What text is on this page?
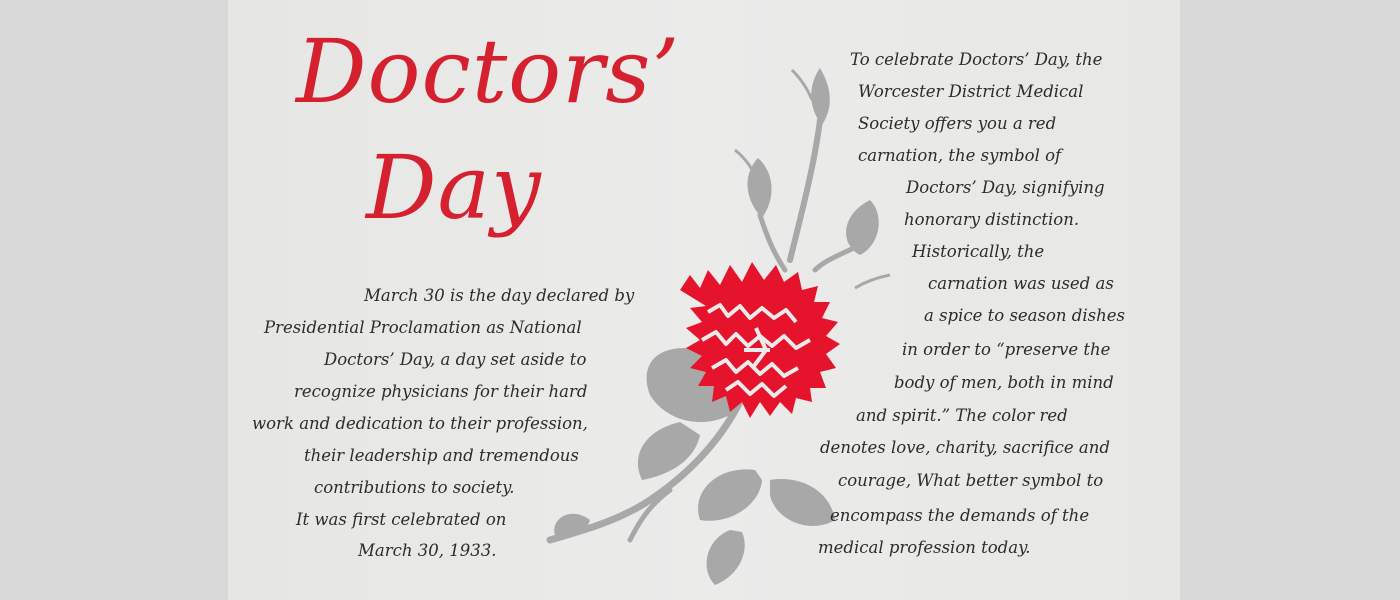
Doctors’
Day
March 30 is the day declared by
Presidential Proclamation as National
Doctors’ Day, a day set aside to
recognize physicians for their hard
work and dedication to their profession,
their leadership and tremendous
contributions to society.
It was first celebrated on
March 30, 1933.
To celebrate Doctors’ Day, the
Worcester District Medical
Society offers you a red
carnation, the symbol of
Doctors’ Day, signifying
honorary distinction.
Historically, the
carnation was used as
a spice to season dishes
in order to “preserve the
body of men, both in mind
and spirit.” The color red
denotes love, charity, sacrifice and
courage, What better symbol to
encompass the demands of the
medical profession today.
